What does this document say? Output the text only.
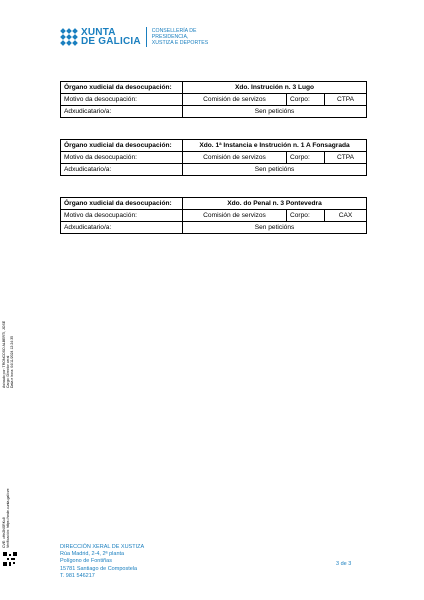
XUNTA
DE GALICIA
CONSELLERÍA DE
PRESIDENCIA,
XUSTIZA E DEPORTES
Órgano xudicial da desocupación:	Xdo. Instrución n. 3 Lugo		
Motivo da desocupación:	Comisión de servizos	Corpo:	CTPA
Adxudicatario/a:	Sen peticións		
Órgano xudicial da desocupación:	Xdo. 1ª Instancia e Instrución n. 1 A Fonsagrada		
Motivo da desocupación:	Comisión de servizos	Corpo:	CTPA
Adxudicatario/a:	Sen peticións		
Órgano xudicial da desocupación:	Xdo. do Penal n. 3 Pontevedra		
Motivo da desocupación:	Comisión de servizos	Corpo:	CAX
Adxudicatario/a:	Sen peticións		
Asinado por: TRONCOSO ALBERTI, JOSE Cargo: Director xeral Data e hora: 04/11/2024 12:24:35
CVE: xHn2NSRKx8 Verificación: https://sede.xunta.gal/cve	DIRECCIÓN XERAL DE XUSTIZA
Rúa Madrid, 2-4, 2ª planta
Polígono de Fontiñas
15781 Santiago de Compostela
T. 981 546217
3 de 3
